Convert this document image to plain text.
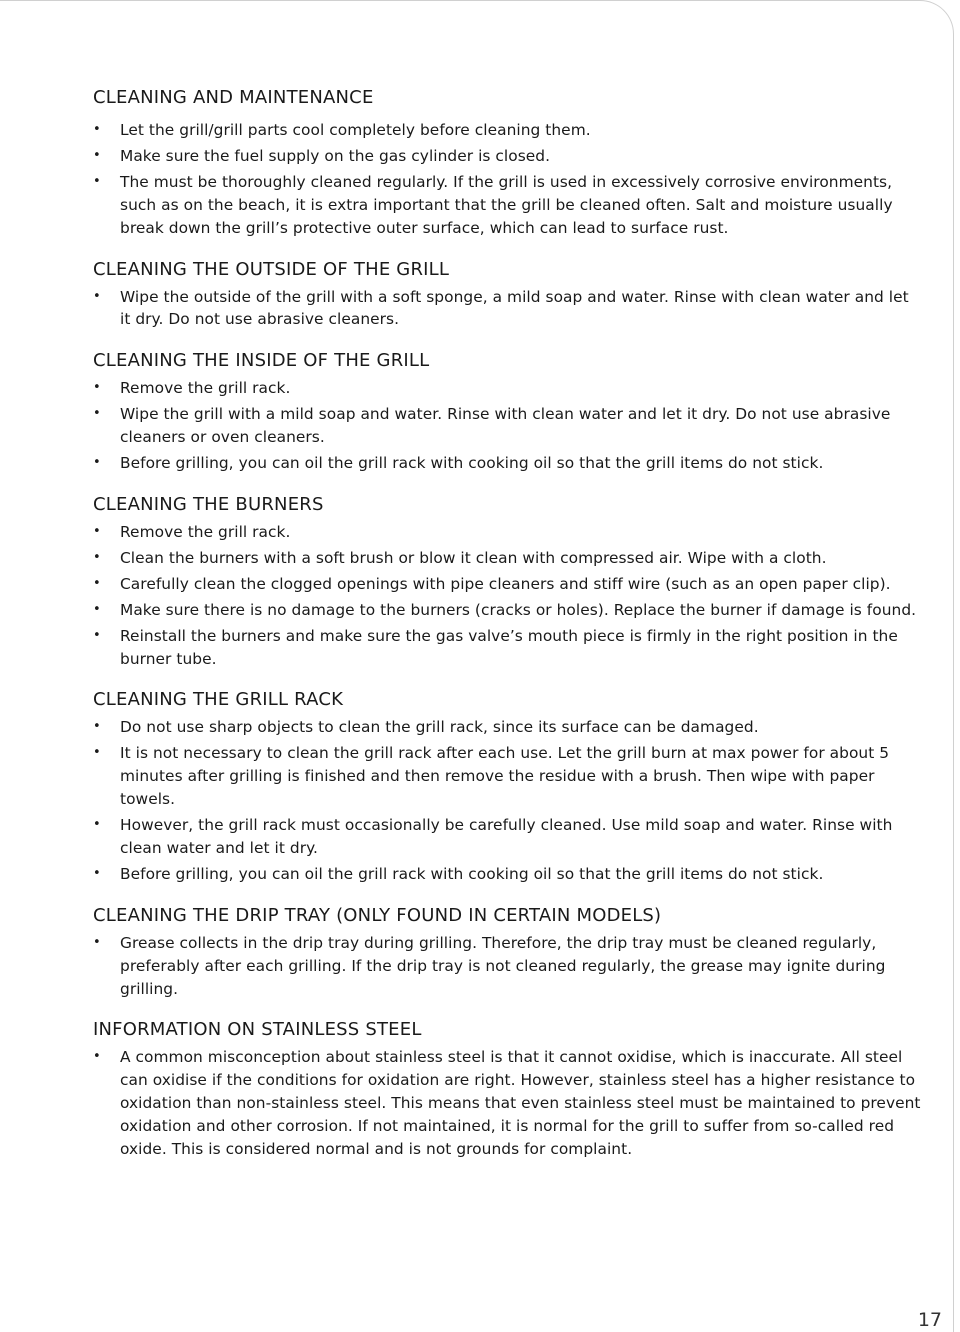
CLEANING AND MAINTENANCE
• Let the grill/grill parts cool completely before cleaning them.
• Make sure the fuel supply on the gas cylinder is closed.
• The must be thoroughly cleaned regularly. If the grill is used in excessively corrosive environments, such as on the beach, it is extra important that the grill be cleaned often. Salt and moisture usually break down the grill’s protective outer surface, which can lead to surface rust.
CLEANING THE OUTSIDE OF THE GRILL
• Wipe the outside of the grill with a soft sponge, a mild soap and water. Rinse with clean water and let it dry. Do not use abrasive cleaners.
CLEANING THE INSIDE OF THE GRILL
• Remove the grill rack.
• Wipe the grill with a mild soap and water. Rinse with clean water and let it dry. Do not use abrasive cleaners or oven cleaners.
• Before grilling, you can oil the grill rack with cooking oil so that the grill items do not stick.
CLEANING THE BURNERS
• Remove the grill rack.
• Clean the burners with a soft brush or blow it clean with compressed air. Wipe with a cloth.
• Carefully clean the clogged openings with pipe cleaners and stiff wire (such as an open paper clip).
• Make sure there is no damage to the burners (cracks or holes). Replace the burner if damage is found.
• Reinstall the burners and make sure the gas valve’s mouth piece is firmly in the right position in the burner tube.
CLEANING THE GRILL RACK
• Do not use sharp objects to clean the grill rack, since its surface can be damaged.
• It is not necessary to clean the grill rack after each use. Let the grill burn at max power for about 5 minutes after grilling is finished and then remove the residue with a brush. Then wipe with paper towels.
• However, the grill rack must occasionally be carefully cleaned. Use mild soap and water. Rinse with clean water and let it dry.
• Before grilling, you can oil the grill rack with cooking oil so that the grill items do not stick.
CLEANING THE DRIP TRAY (ONLY FOUND IN CERTAIN MODELS)
• Grease collects in the drip tray during grilling. Therefore, the drip tray must be cleaned regularly, preferably after each grilling. If the drip tray is not cleaned regularly, the grease may ignite during grilling.
INFORMATION ON STAINLESS STEEL
• A common misconception about stainless steel is that it cannot oxidise, which is inaccurate. All steel can oxidise if the conditions for oxidation are right. However, stainless steel has a higher resistance to oxidation than non-stainless steel. This means that even stainless steel must be maintained to prevent oxidation and other corrosion. If not maintained, it is normal for the grill to suffer from so-called red oxide. This is considered normal and is not grounds for complaint.
17
